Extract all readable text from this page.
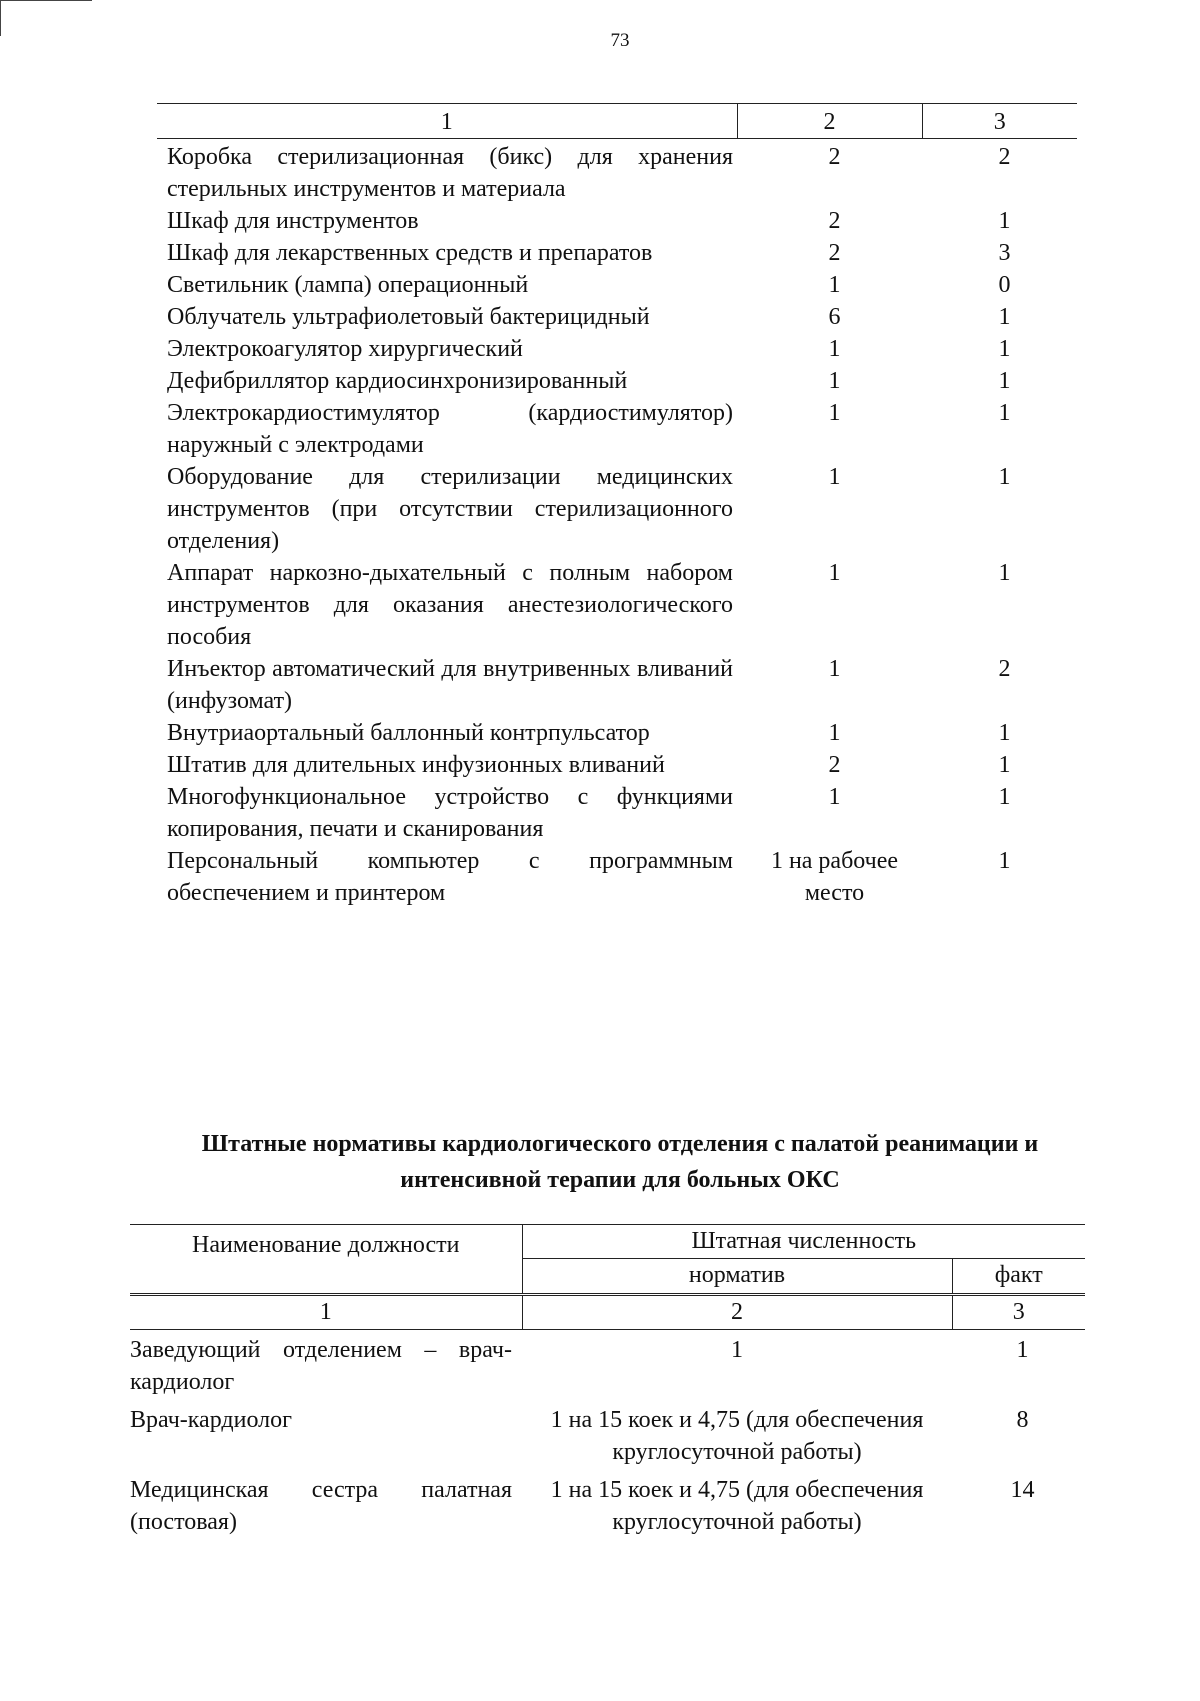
73
1	2	3
Коробка стерилизационная (бикс) для хранения стерильных инструментов и материала	2	2
Шкаф для инструментов	2	1
Шкаф для лекарственных средств и препаратов	2	3
Светильник (лампа) операционный	1	0
Облучатель ультрафиолетовый бактерицидный	6	1
Электрокоагулятор хирургический	1	1
Дефибриллятор кардиосинхронизированный	1	1
Электрокардиостимулятор (кардиостимулятор) наружный с электродами	1	1
Оборудование для стерилизации медицинских инструментов (при отсутствии стерилизационного отделения)	1	1
Аппарат наркозно-дыхательный с полным набором инструментов для оказания анестезиологического пособия	1	1
Инъектор автоматический для внутривенных вливаний (инфузомат)	1	2
Внутриаортальный баллонный контрпульсатор	1	1
Штатив для длительных инфузионных вливаний	2	1
Многофункциональное устройство с функциями копирования, печати и сканирования	1	1
Персональный компьютер с программным обеспечением и принтером	1 на рабочее место	1
Штатные нормативы кардиологического отделения с палатой реанимации и интенсивной терапии для больных ОКС
Наименование должности	Штатная численность	
	норматив	факт
1	2	3
Заведующий отделением – врач-кардиолог	1	1
Врач-кардиолог	1 на 15 коек и 4,75 (для обеспечения круглосуточной работы)	8
Медицинская сестра палатная (постовая)	1 на 15 коек и 4,75 (для обеспечения круглосуточной работы)	14
